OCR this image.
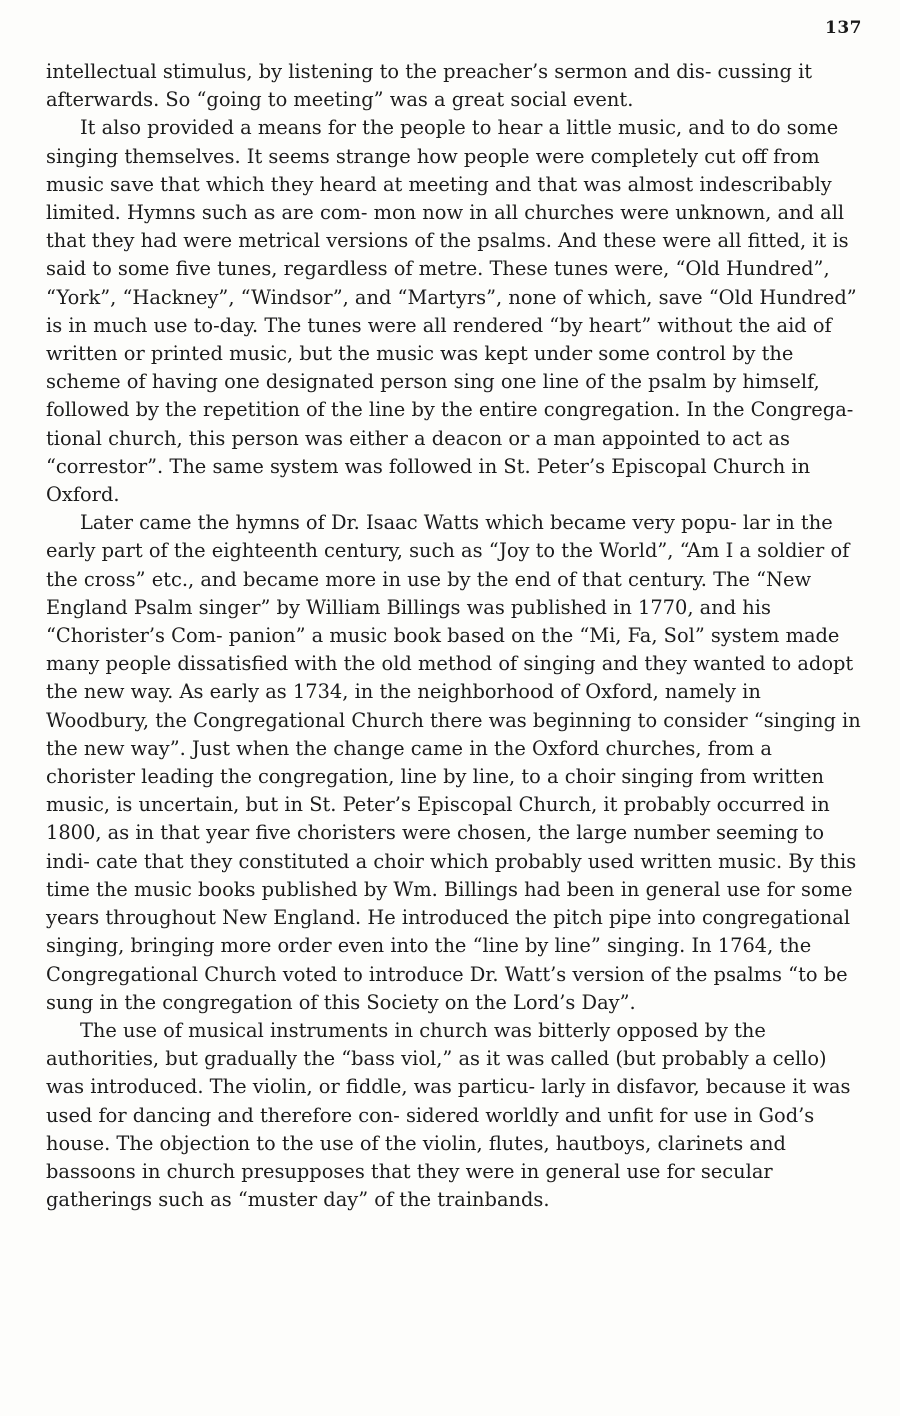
137

intellectual stimulus, by listening to the preacher’s sermon and dis- cussing it afterwards. So “going to meeting” was a great social event.

It also provided a means for the people to hear a little music, and to do some singing themselves. It seems strange how people were completely cut off from music save that which they heard at meeting and that was almost indescribably limited. Hymns such as are com- mon now in all churches were unknown, and all that they had were metrical versions of the psalms. And these were all fitted, it is said to some five tunes, regardless of metre. These tunes were, “Old Hundred”, “York”, “Hackney”, “Windsor”, and “Martyrs”, none of which, save “Old Hundred” is in much use to-day. The tunes were all rendered “by heart” without the aid of written or printed music, but the music was kept under some control by the scheme of having one designated person sing one line of the psalm by himself, followed by the repetition of the line by the entire congregation. In the Congrega- tional church, this person was either a deacon or a man appointed to act as “correstor”. The same system was followed in St. Peter’s Episcopal Church in Oxford.

Later came the hymns of Dr. Isaac Watts which became very popu- lar in the early part of the eighteenth century, such as “Joy to the World”, “Am I a soldier of the cross” etc., and became more in use by the end of that century. The “New England Psalm singer” by William Billings was published in 1770, and his “Chorister’s Com- panion” a music book based on the “Mi, Fa, Sol” system made many people dissatisfied with the old method of singing and they wanted to adopt the new way. As early as 1734, in the neighborhood of Oxford, namely in Woodbury, the Congregational Church there was beginning to consider “singing in the new way”. Just when the change came in the Oxford churches, from a chorister leading the congregation, line by line, to a choir singing from written music, is uncertain, but in St. Peter’s Episcopal Church, it probably occurred in 1800, as in that year five choristers were chosen, the large number seeming to indi- cate that they constituted a choir which probably used written music. By this time the music books published by Wm. Billings had been in general use for some years throughout New England. He introduced the pitch pipe into congregational singing, bringing more order even into the “line by line” singing. In 1764, the Congregational Church voted to introduce Dr. Watt’s version of the psalms “to be sung in the congregation of this Society on the Lord’s Day”.

The use of musical instruments in church was bitterly opposed by the authorities, but gradually the “bass viol,” as it was called (but probably a cello) was introduced. The violin, or fiddle, was particu- larly in disfavor, because it was used for dancing and therefore con- sidered worldly and unfit for use in God’s house. The objection to the use of the violin, flutes, hautboys, clarinets and bassoons in church presupposes that they were in general use for secular gatherings such as “muster day” of the trainbands.
